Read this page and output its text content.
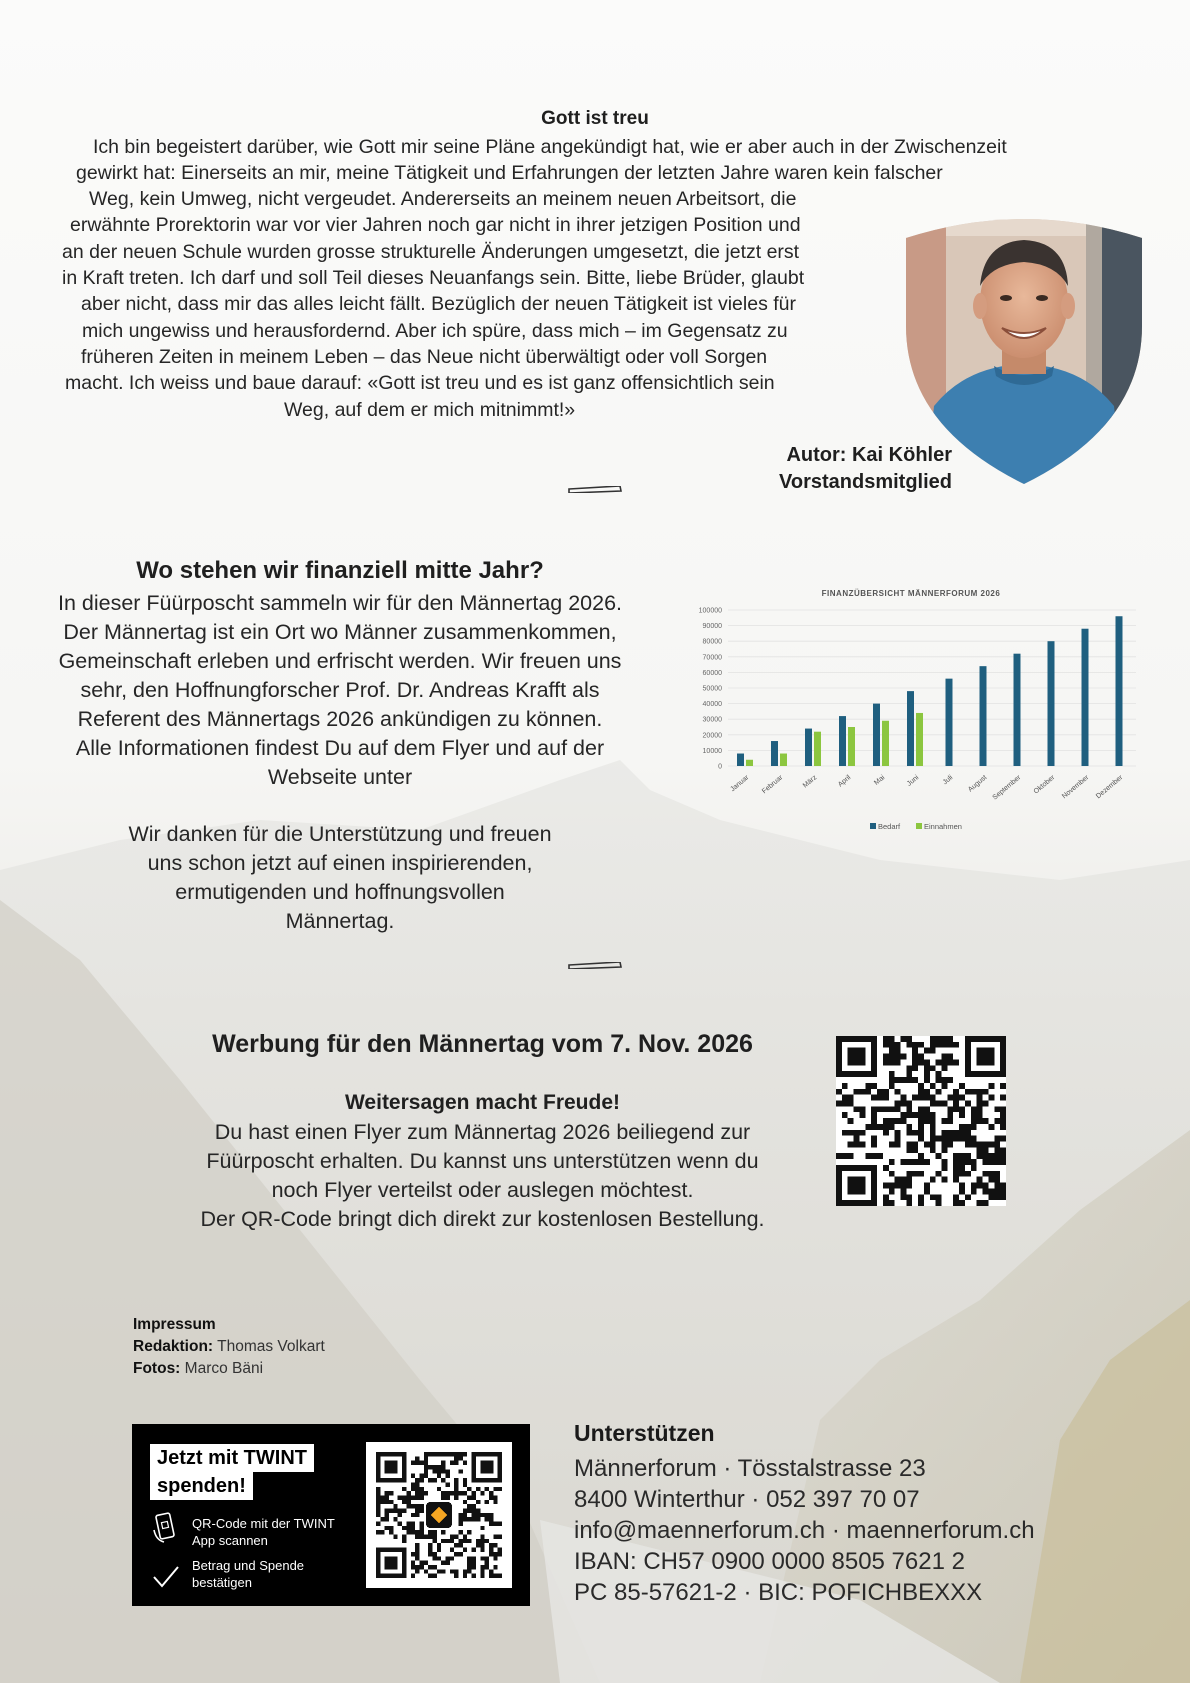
Gott ist treu
Ich bin begeistert darüber, wie Gott mir seine Pläne angekündigt hat, wie er aber auch in der Zwischenzeit
gewirkt hat: Einerseits an mir, meine Tätigkeit und Erfahrungen der letzten Jahre waren kein falscher
Weg, kein Umweg, nicht vergeudet. Andererseits an meinem neuen Arbeitsort, die
erwähnte Prorektorin war vor vier Jahren noch gar nicht in ihrer jetzigen Position und
an der neuen Schule wurden grosse strukturelle Änderungen umgesetzt, die jetzt erst
in Kraft treten. Ich darf und soll Teil dieses Neuanfangs sein. Bitte, liebe Brüder, glaubt
aber nicht, dass mir das alles leicht fällt. Bezüglich der neuen Tätigkeit ist vieles für
mich ungewiss und herausfordernd. Aber ich spüre, dass mich – im Gegensatz zu
früheren Zeiten in meinem Leben – das Neue nicht überwältigt oder voll Sorgen
macht. Ich weiss und baue darauf: «Gott ist treu und es ist ganz offensichtlich sein
Weg, auf dem er mich mitnimmt!»
Autor: Kai Köhler
Vorstandsmitglied
Wo stehen wir finanziell mitte Jahr?
In dieser Füürposcht sammeln wir für den Männertag 2026.
Der Männertag ist ein Ort wo Männer zusammenkommen,
Gemeinschaft erleben und erfrischt werden. Wir freuen uns
sehr, den Hoffnungforscher Prof. Dr. Andreas Krafft als
Referent des Männertags 2026 ankündigen zu können.
Alle Informationen findest Du auf dem Flyer und auf der
Webseite unter
Wir danken für die Unterstützung und freuen
uns schon jetzt auf einen inspirierenden,
ermutigenden und hoffnungsvollen
Männertag.
FINANZÜBERSICHT MÄNNERFORUM 2026
0
10000
20000
30000
40000
50000
60000
70000
80000
90000
100000
Januar Februar	März	April	Mai	Juni	Juli August September Oktober November Dezember
Bedarf	Einnahmen
Werbung für den Männertag vom 7. Nov. 2026
Weitersagen macht Freude!
Du hast einen Flyer zum Männertag 2026 beiliegend zur
Füürposcht erhalten. Du kannst uns unterstützen wenn du
noch Flyer verteilst oder auslegen möchtest.
Der QR-Code bringt dich direkt zur kostenlosen Bestellung.
Impressum
Redaktion: Thomas Volkart
Fotos: Marco Bäni
Jetzt mit TWINT
spenden!
QR-Code mit der TWINT App scannen
Betrag und Spende bestätigen
Unterstützen
Männerforum · Tösstalstrasse 23
8400 Winterthur · 052 397 70 07
info@maennerforum.ch · maennerforum.ch
IBAN: CH57 0900 0000 8505 7621 2
PC 85-57621-2 · BIC: POFICHBEXXX
